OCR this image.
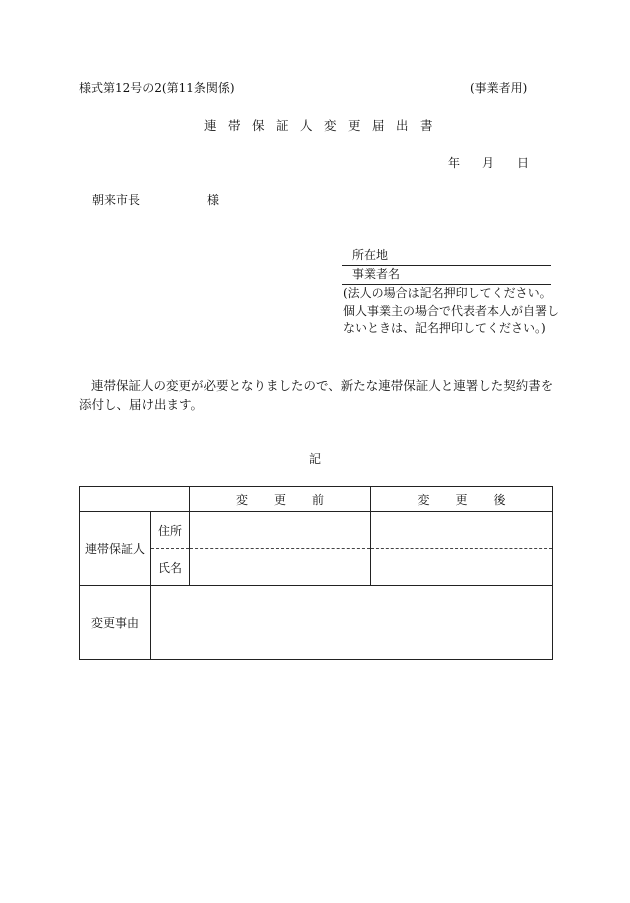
様式第12号の2(第11条関係)	(事業者用)
連 帯 保 証 人 変 更 届 出 書
年 月 日
朝来市長	様
所在地
事業者名
(法人の場合は記名押印してください。
個人事業主の場合で代表者本人が自署し
ないときは、記名押印してください。)
連帯保証人の変更が必要となりましたので、新たな連帯保証人と連署した契約書を添付し、届け出ます。
記
		変 更 前	変 更 後
連帯保証人	住所		
	氏名		
変更事由			
